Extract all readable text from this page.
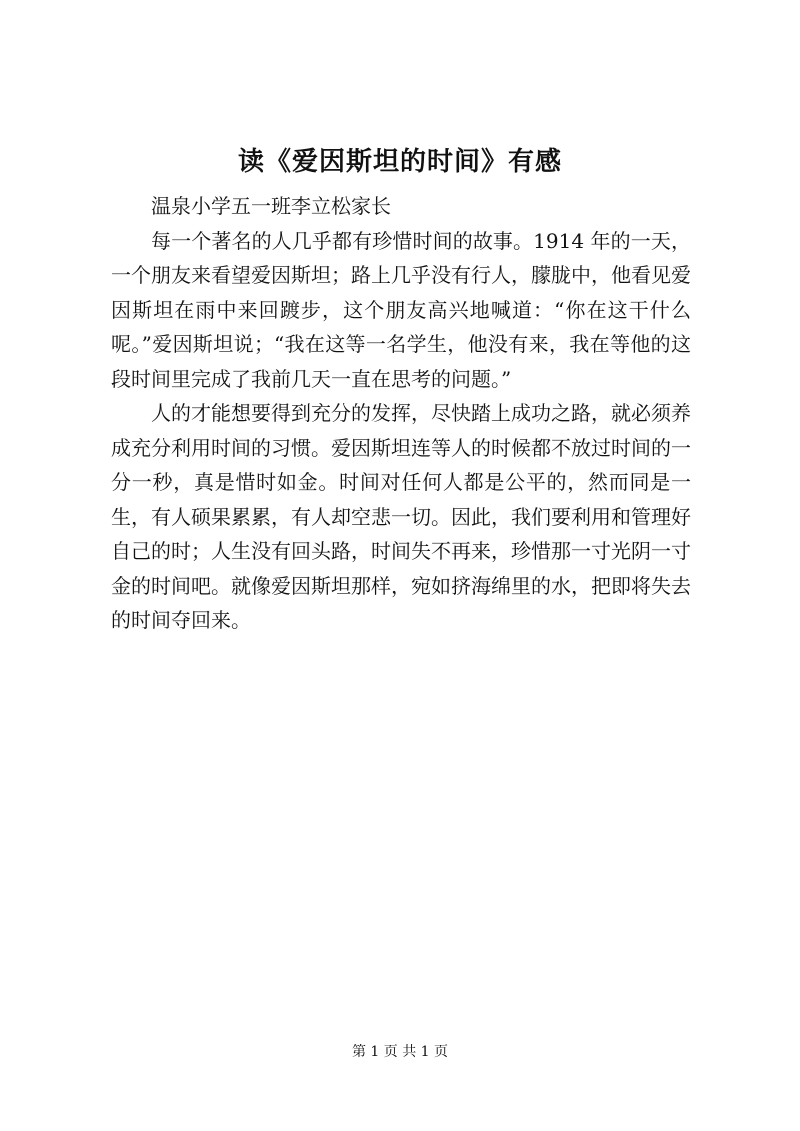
读《爱因斯坦的时间》有感

温泉小学五一班李立松家长

每一个著名的人几乎都有珍惜时间的故事。1914 年的一天，一个朋友来看望爱因斯坦；路上几乎没有行人，朦胧中，他看见爱因斯坦在雨中来回踱步，这个朋友高兴地喊道：“你在这干什么呢。”爱因斯坦说；“我在这等一名学生，他没有来，我在等他的这段时间里完成了我前几天一直在思考的问题。”

人的才能想要得到充分的发挥，尽快踏上成功之路，就必须养成充分利用时间的习惯。爱因斯坦连等人的时候都不放过时间的一分一秒，真是惜时如金。时间对任何人都是公平的，然而同是一生，有人硕果累累，有人却空悲一切。因此，我们要利用和管理好自己的时；人生没有回头路，时间失不再来，珍惜那一寸光阴一寸金的时间吧。就像爱因斯坦那样，宛如挤海绵里的水，把即将失去的时间夺回来。

第 1 页 共 1 页
